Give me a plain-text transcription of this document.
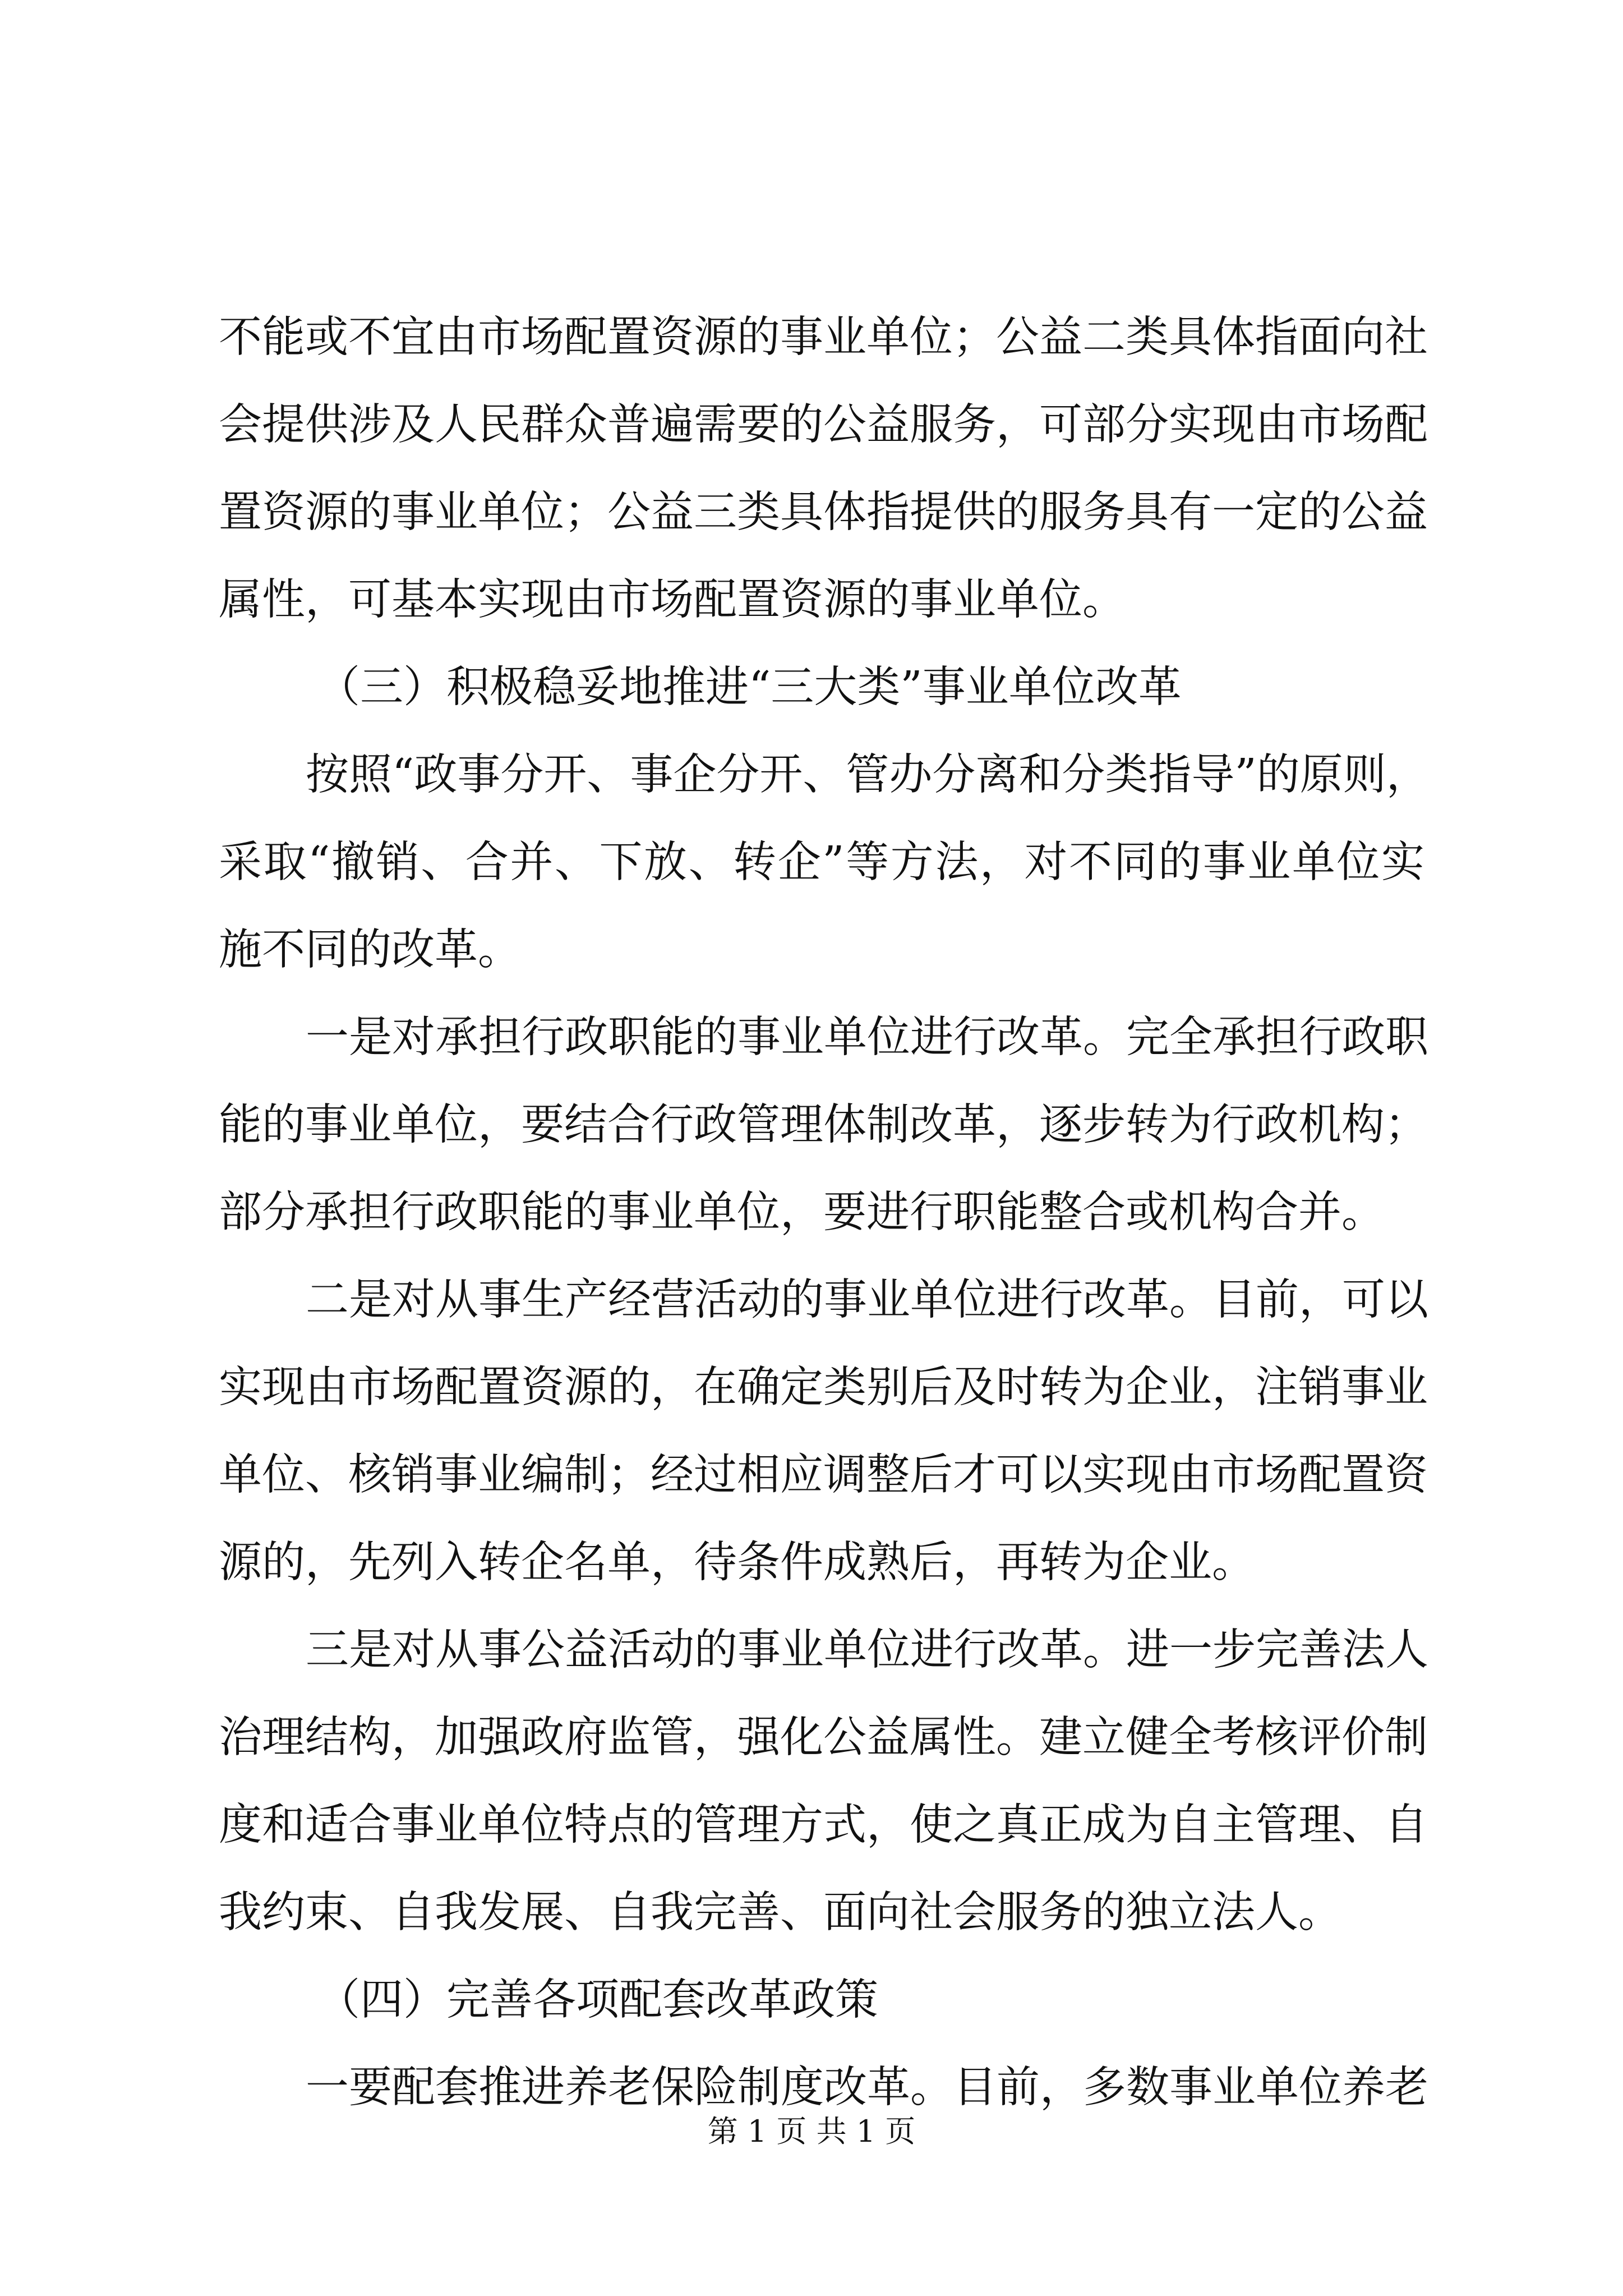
不能或不宜由市场配置资源的事业单位；公益二类具体指面向社
会提供涉及人民群众普遍需要的公益服务，可部分实现由市场配
置资源的事业单位；公益三类具体指提供的服务具有一定的公益
属性，可基本实现由市场配置资源的事业单位。
（三）积极稳妥地推进“三大类”事业单位改革
按照“政事分开、事企分开、管办分离和分类指导”的原则，
采取“撤销、合并、下放、转企”等方法，对不同的事业单位实
施不同的改革。
一是对承担行政职能的事业单位进行改革。完全承担行政职
能的事业单位，要结合行政管理体制改革，逐步转为行政机构；
部分承担行政职能的事业单位，要进行职能整合或机构合并。
二是对从事生产经营活动的事业单位进行改革。目前，可以
实现由市场配置资源的，在确定类别后及时转为企业，注销事业
单位、核销事业编制；经过相应调整后才可以实现由市场配置资
源的，先列入转企名单，待条件成熟后，再转为企业。
三是对从事公益活动的事业单位进行改革。进一步完善法人
治理结构，加强政府监管，强化公益属性。建立健全考核评价制
度和适合事业单位特点的管理方式，使之真正成为自主管理、自
我约束、自我发展、自我完善、面向社会服务的独立法人。
（四）完善各项配套改革政策
一要配套推进养老保险制度改革。目前，多数事业单位养老
第 1 页 共 1 页
